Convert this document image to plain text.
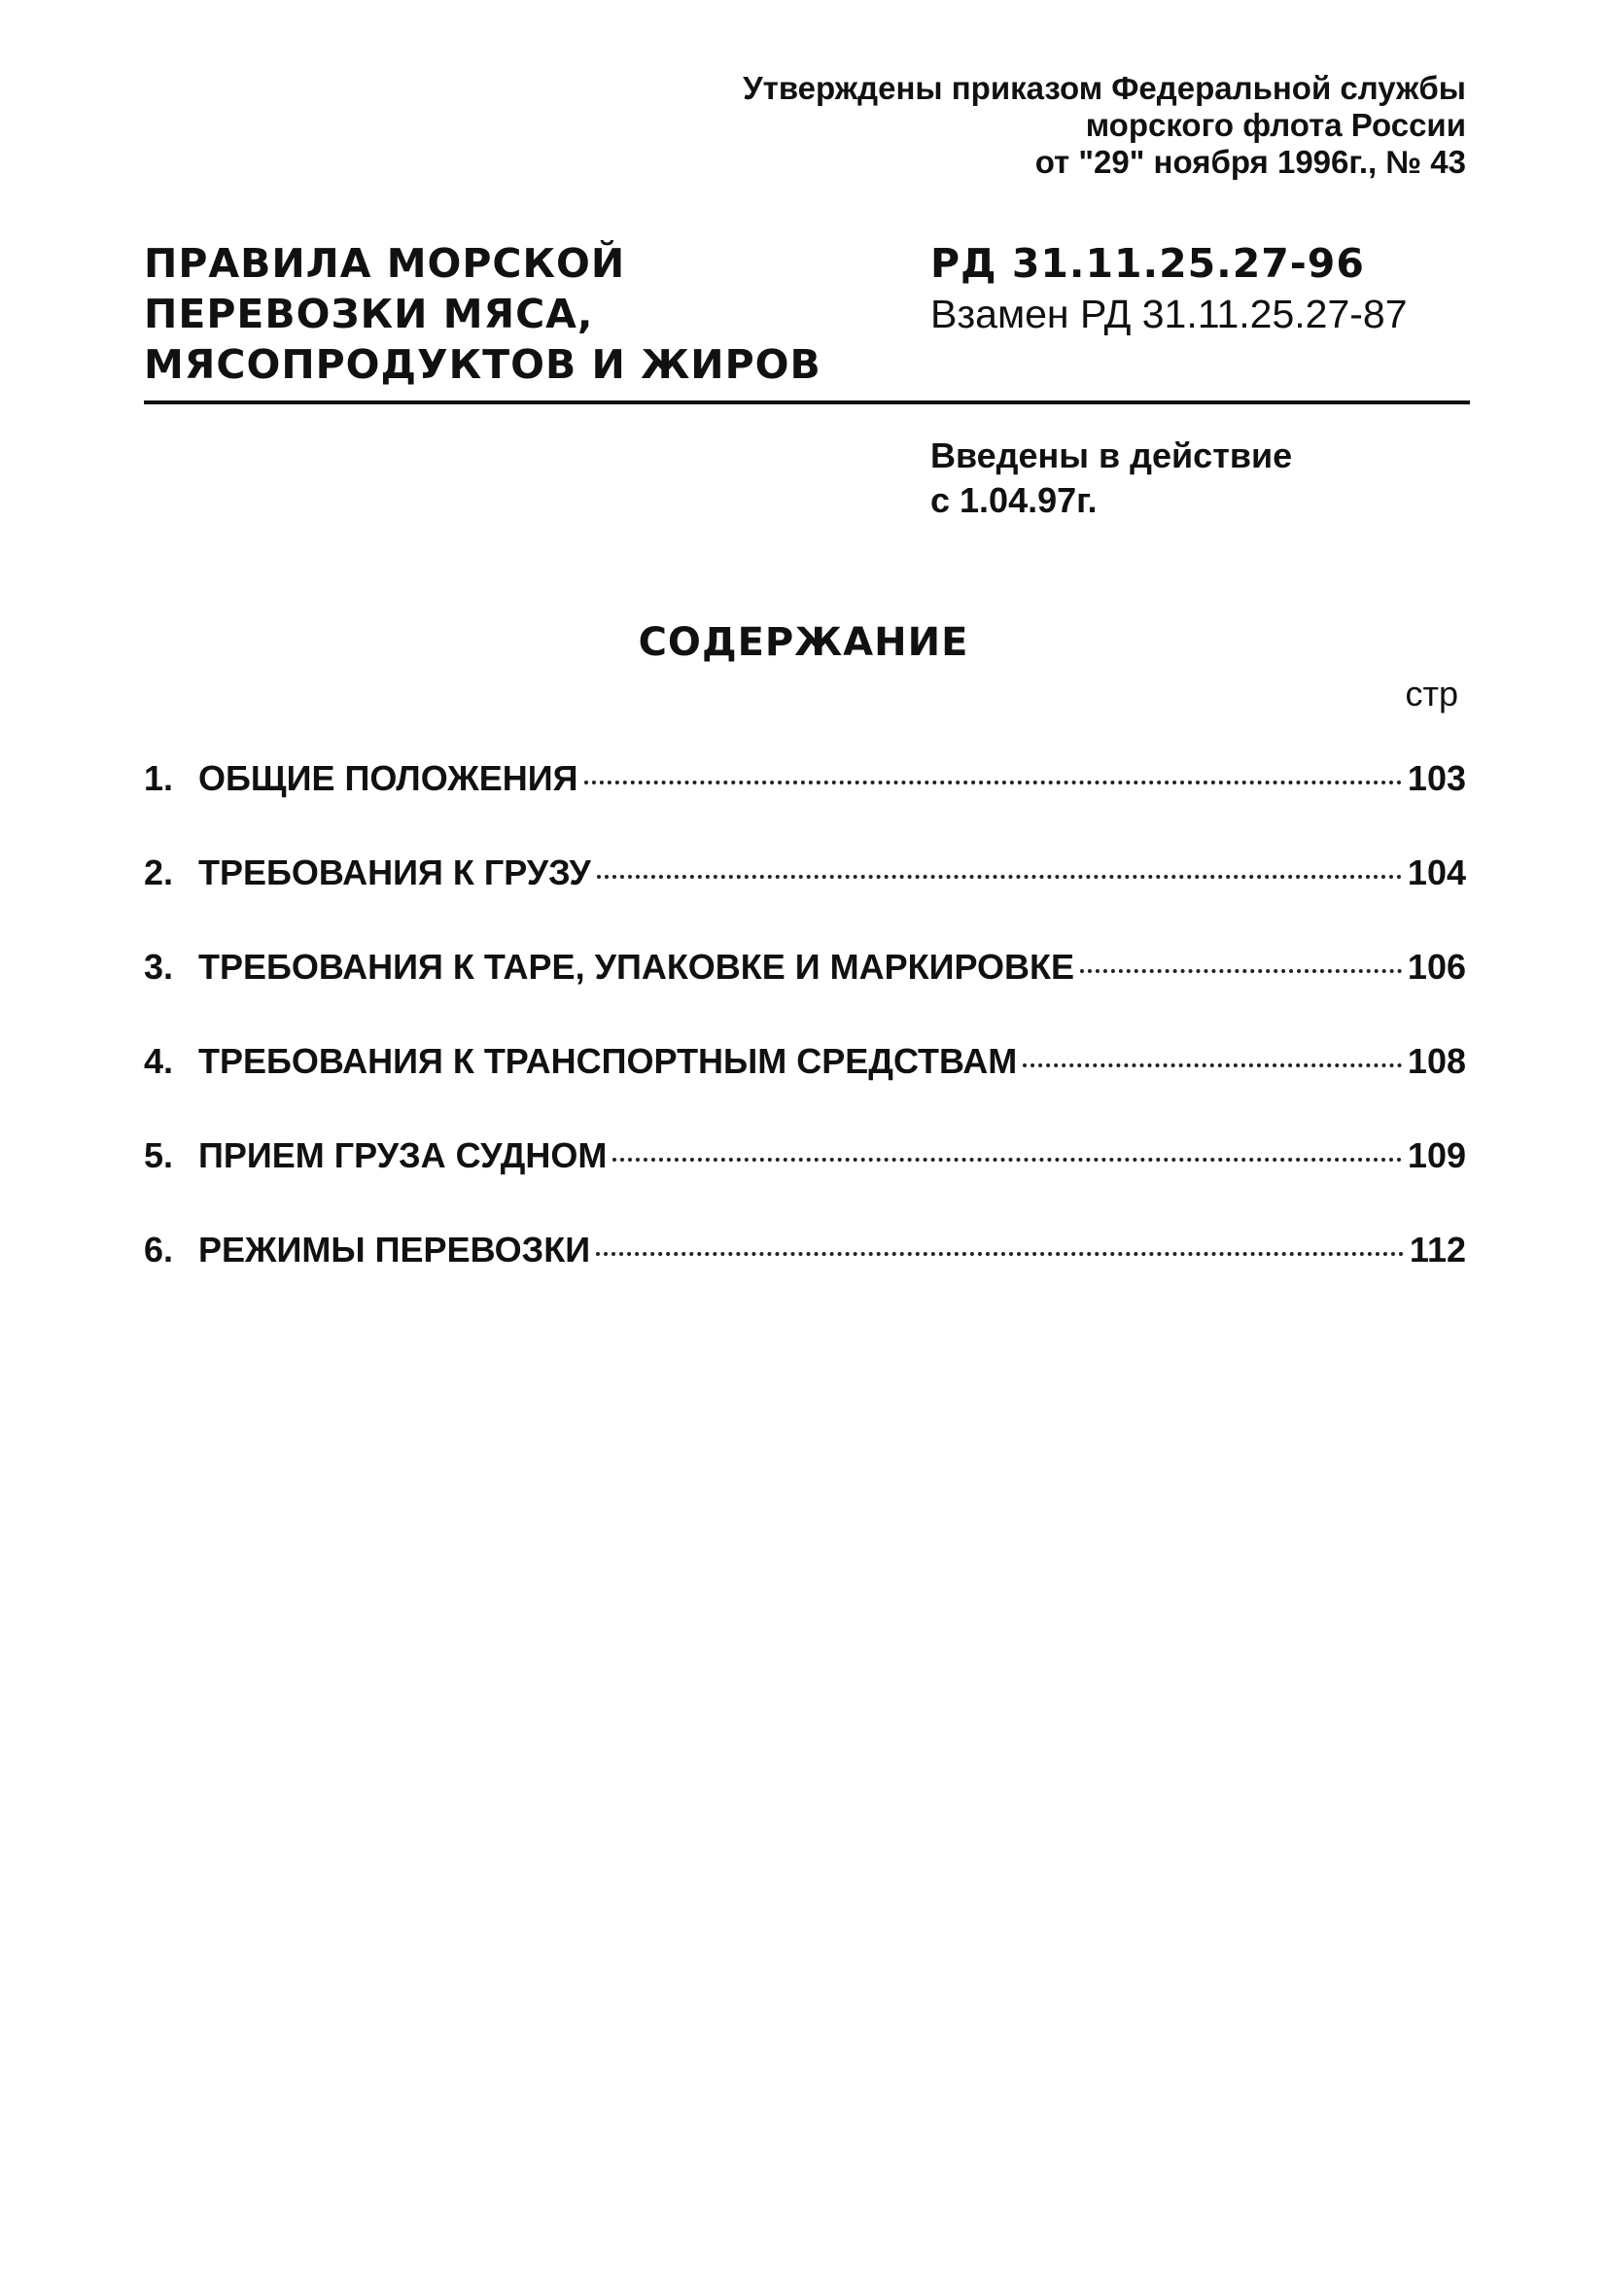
Утверждены приказом Федеральной службы
морского флота России
от "29" ноября 1996г., № 43
ПРАВИЛА МОРСКОЙ
ПЕРЕВОЗКИ МЯСА,
МЯСОПРОДУКТОВ И ЖИРОВ
РД 31.11.25.27-96
Взамен РД 31.11.25.27-87
Введены в действие
с 1.04.97г.
СОДЕРЖАНИЕ
стр
1. ОБЩИЕ ПОЛОЖЕНИЯ	103
2. ТРЕБОВАНИЯ К ГРУЗУ	104
3. ТРЕБОВАНИЯ К ТАРЕ, УПАКОВКЕ И МАРКИРОВКЕ	106
4. ТРЕБОВАНИЯ К ТРАНСПОРТНЫМ СРЕДСТВАМ	108
5. ПРИЕМ ГРУЗА СУДНОМ	109
6. РЕЖИМЫ ПЕРЕВОЗКИ	112
